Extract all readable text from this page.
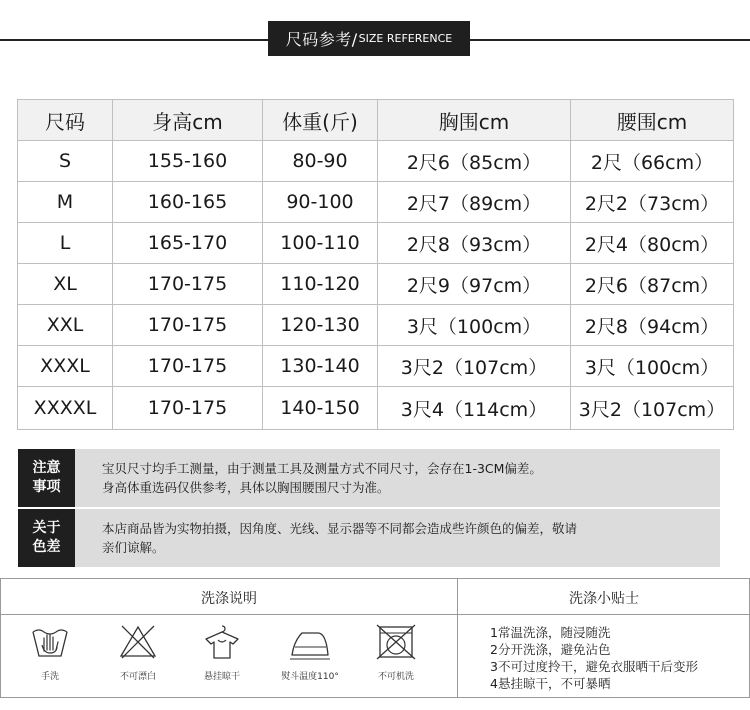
尺码参考/ SIZE REFERENCE
尺码	身高cm	体重(斤)	胸围cm	腰围cm
S	155-160	80-90	2尺6（85cm）	2尺（66cm）
M	160-165	90-100	2尺7（89cm）	2尺2（73cm）
L	165-170	100-110	2尺8（93cm）	2尺4（80cm）
XL	170-175	110-120	2尺9（97cm）	2尺6（87cm）
XXL	170-175	120-130	3尺（100cm）	2尺8（94cm）
XXXL	170-175	130-140	3尺2（107cm）	3尺（100cm）
XXXXL	170-175	140-150	3尺4（114cm）	3尺2（107cm）
注意事项
宝贝尺寸均手工测量，由于测量工具及测量方式不同尺寸，会存在1-3CM偏差。
身高体重选码仅供参考，具体以胸围腰围尺寸为准。
关于色差
本店商品皆为实物拍摄，因角度、光线、显示器等不同都会造成些许颜色的偏差，敬请
亲们谅解。
洗涤说明	洗涤小贴士
手洗	不可漂白	悬挂晾干	熨斗温度110°	不可机洗
1常温洗涤，随浸随洗
2分开洗涤，避免沾色
3不可过度拎干，避免衣服晒干后变形
4悬挂晾干，不可暴晒
